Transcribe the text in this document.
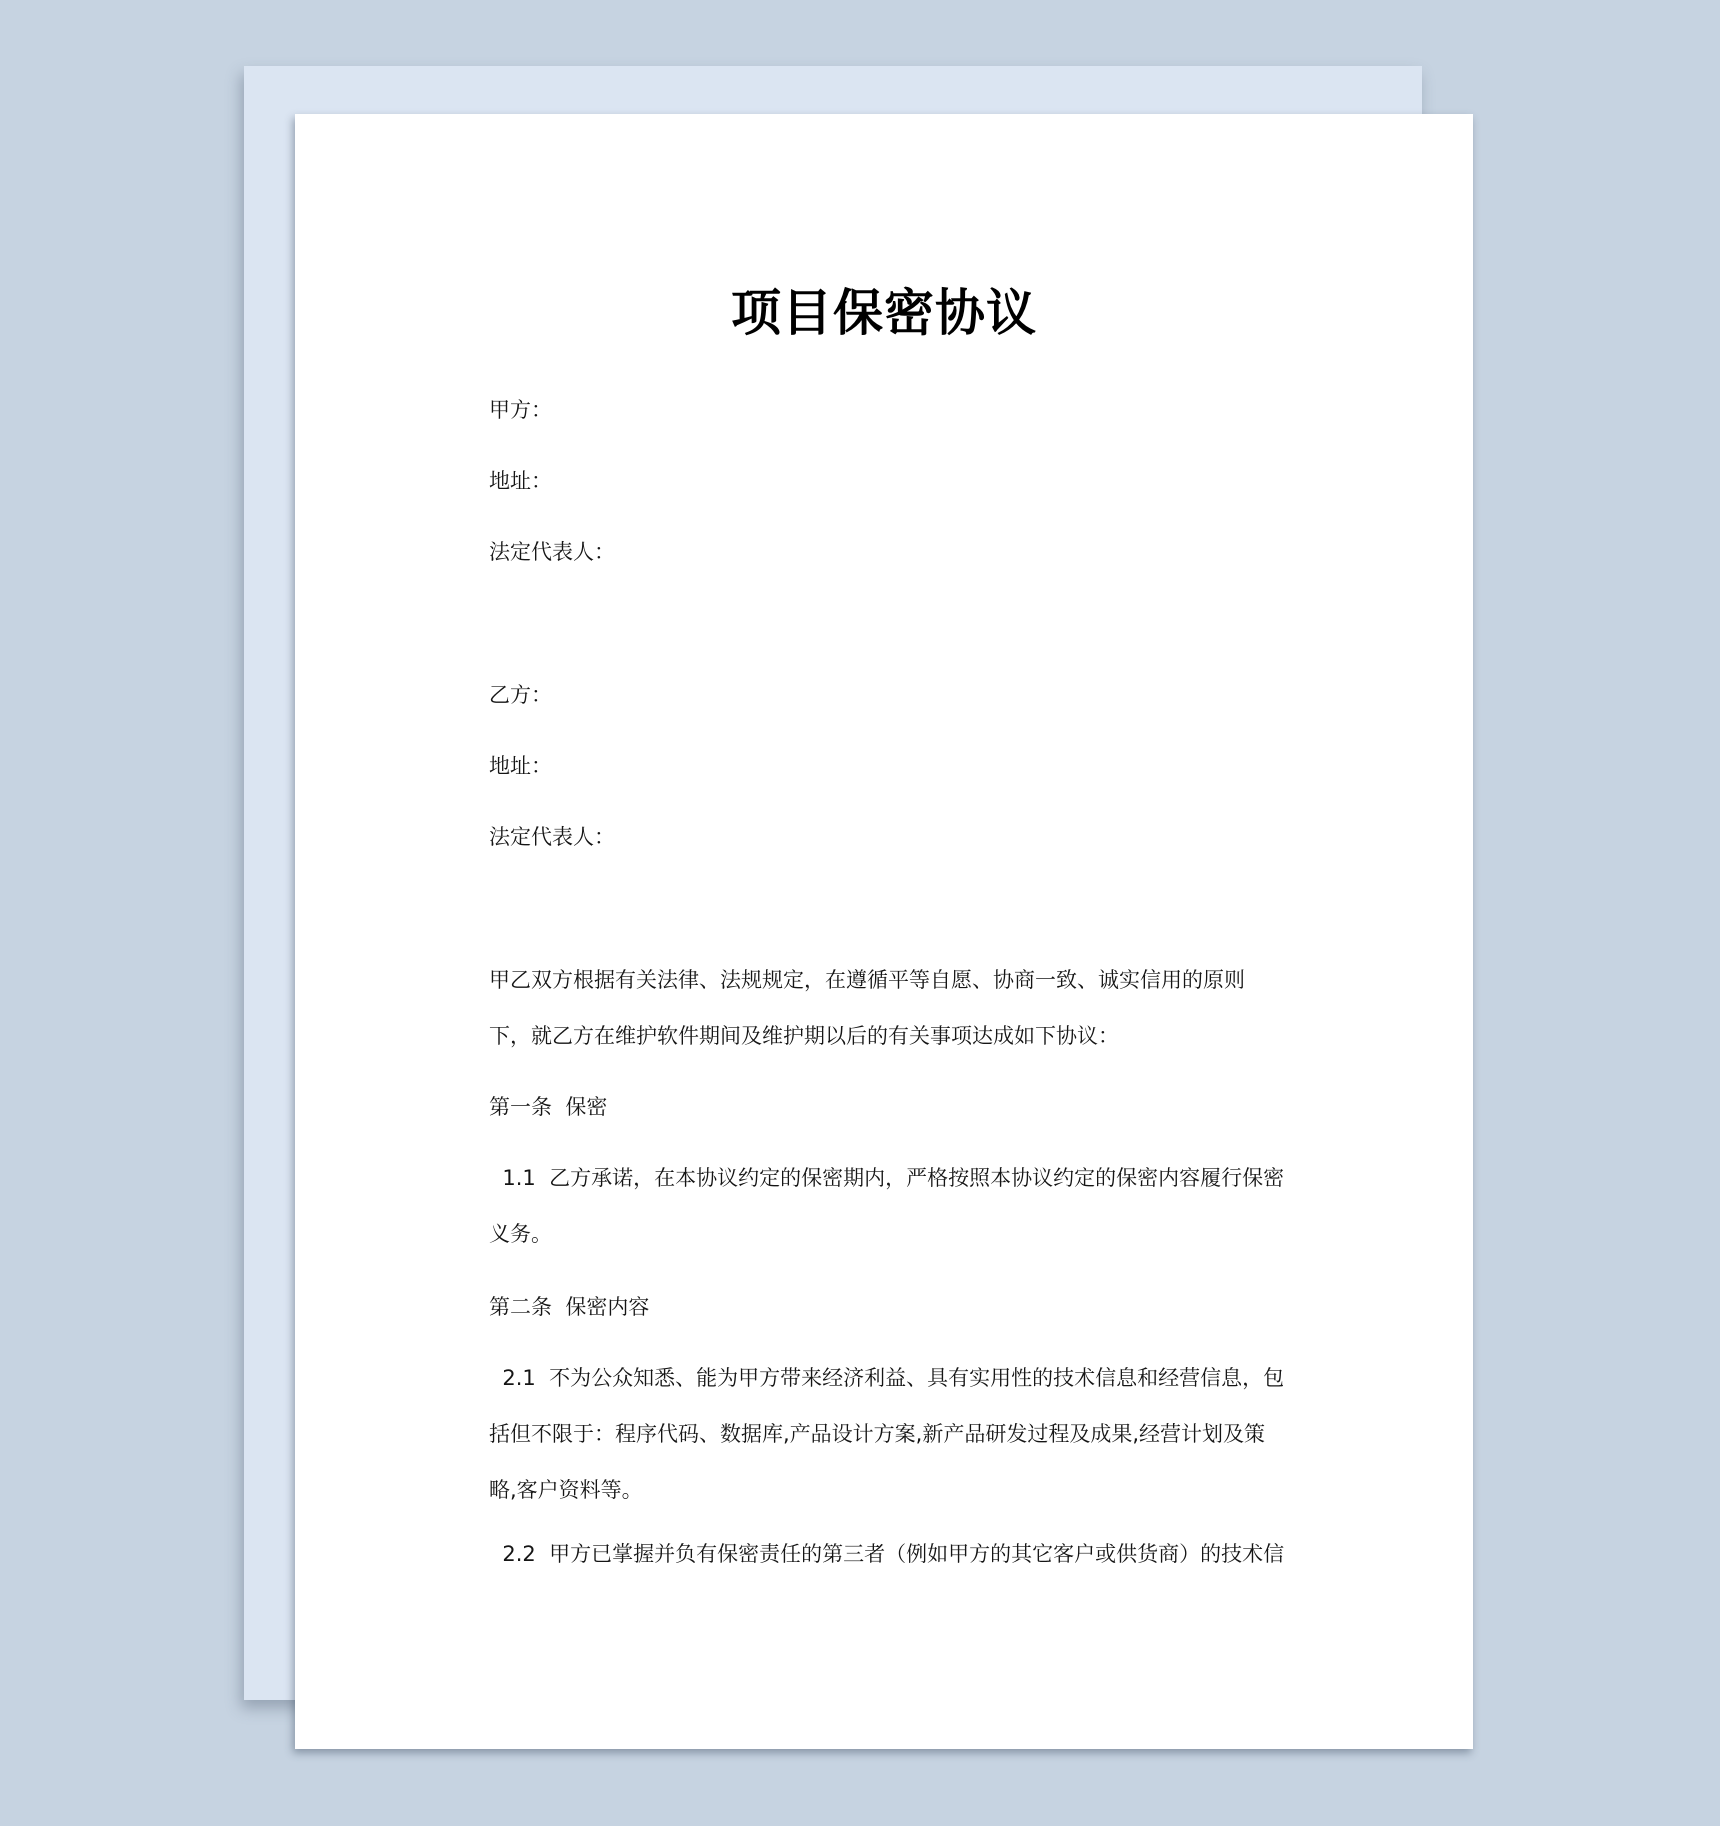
项目保密协议

甲方：

地址：

法定代表人：

乙方：

地址：

法定代表人：

甲乙双方根据有关法律、法规规定，在遵循平等自愿、协商一致、诚实信用的原则

下，就乙方在维护软件期间及维护期以后的有关事项达成如下协议：

第一条  保密

1.1  乙方承诺，在本协议约定的保密期内，严格按照本协议约定的保密内容履行保密

义务。

第二条  保密内容

2.1  不为公众知悉、能为甲方带来经济利益、具有实用性的技术信息和经营信息，包

括但不限于：程序代码、数据库,产品设计方案,新产品研发过程及成果,经营计划及策

略,客户资料等。

2.2  甲方已掌握并负有保密责任的第三者（例如甲方的其它客户或供货商）的技术信
